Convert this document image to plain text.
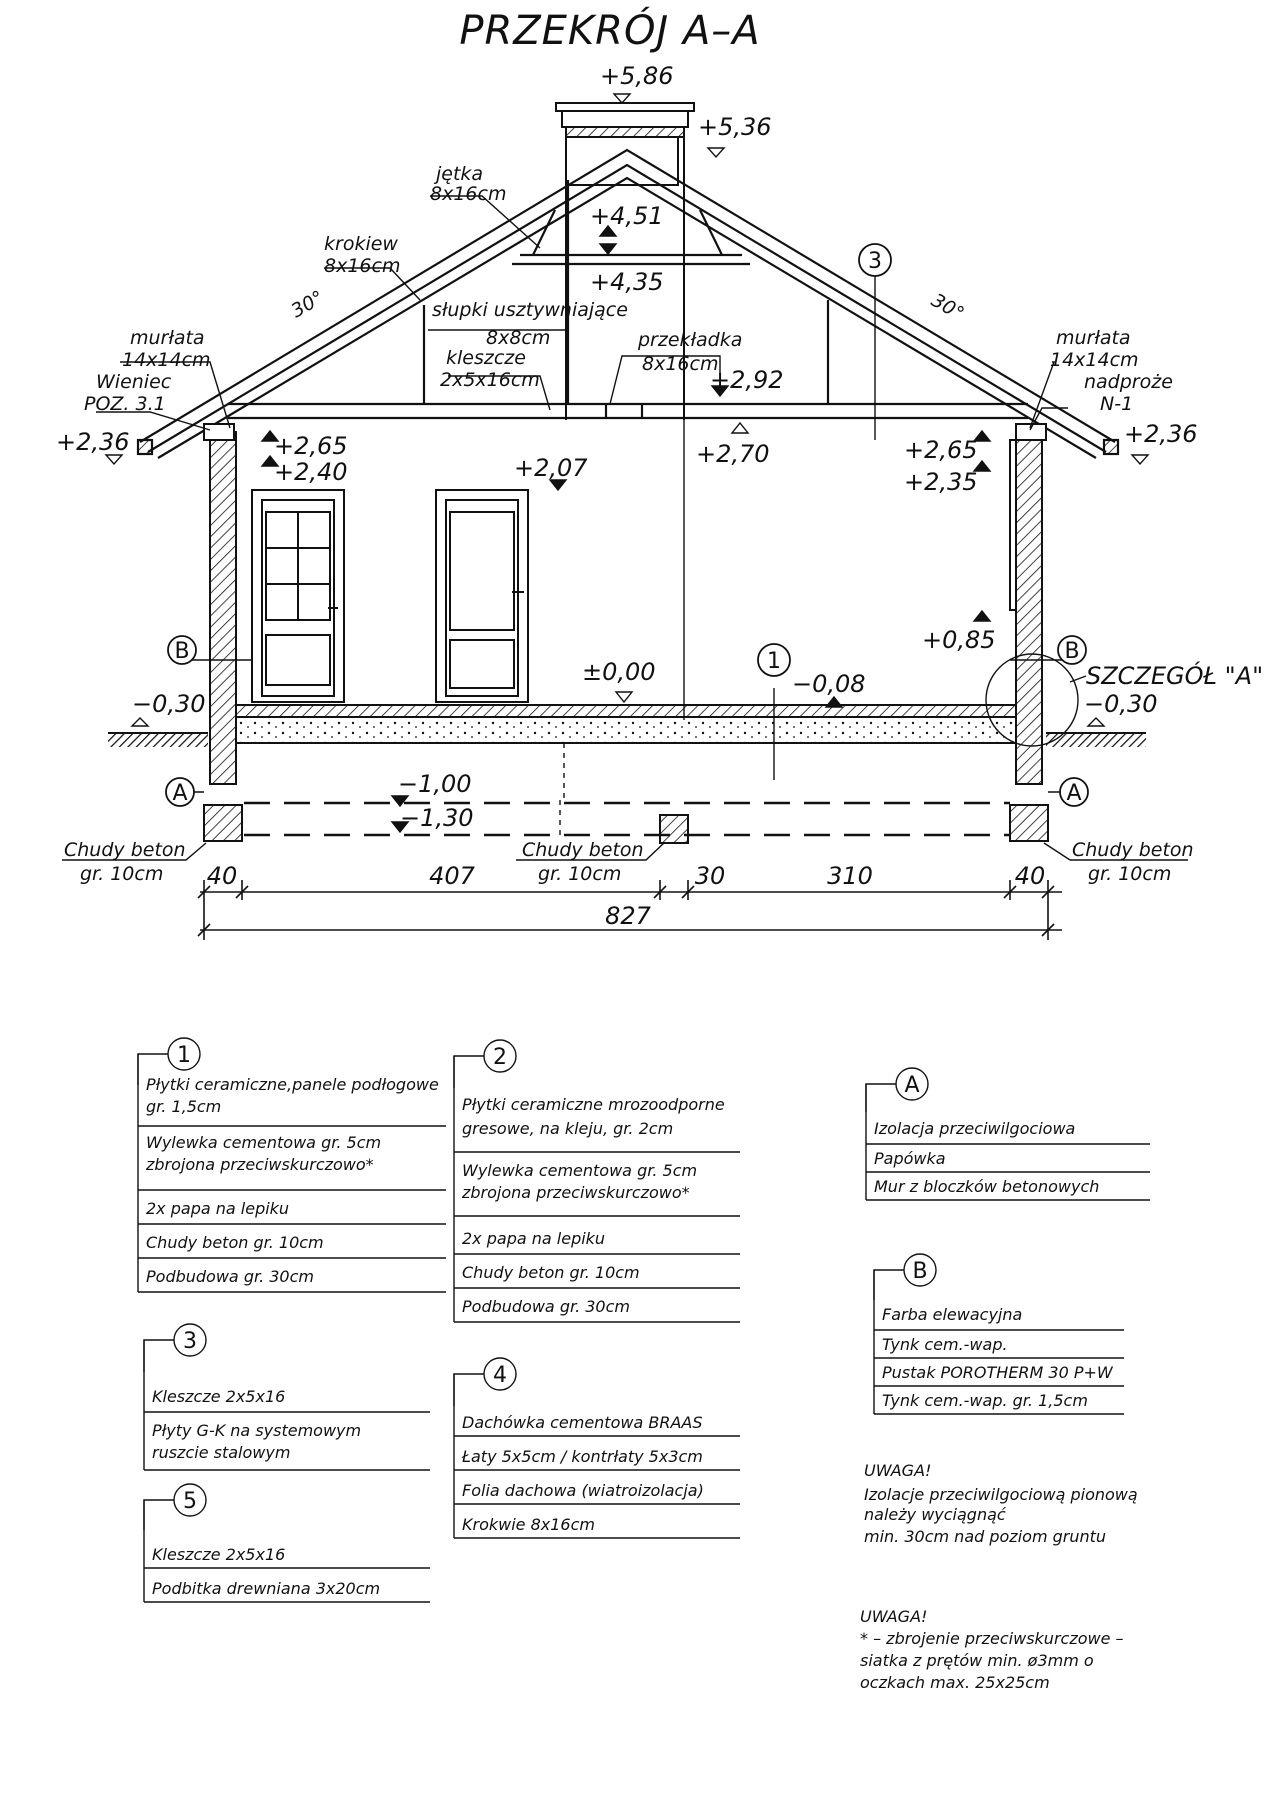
PRZEKRÓJ A–A
+5,86
+5,36
+4,51
+4,35
+2,92
+2,70
+2,65
+2,40	+2,07
+2,65
+2,35
+2,36	+2,36
+0,85
±0,00	−0,08
−0,30	−0,30
−1,00
−1,30
jętka
8x16cm
krokiew
8x16cm
słupki usztywniające
8x8cm
kleszcze
2x5x16cm
przekładka
8x16cm
murłata
14x14cm
Wieniec
POZ. 3.1
murłata
14x14cm
nadproże
N-1
30°	30°
SZCZEGÓŁ "A"
Chudy beton
gr. 10cm
Chudy beton
gr. 10cm
Chudy beton
gr. 10cm
1
3
A	A
B	B
40	407	30	310	40
827
1
Płytki ceramiczne,panele podłogowe
gr. 1,5cm
Wylewka cementowa gr. 5cm
zbrojona przeciwskurczowo*
2x papa na lepiku
Chudy beton gr. 10cm
Podbudowa gr. 30cm
2
Płytki ceramiczne mrozoodporne
gresowe, na kleju, gr. 2cm
Wylewka cementowa gr. 5cm
zbrojona przeciwskurczowo*
2x papa na lepiku
Chudy beton gr. 10cm
Podbudowa gr. 30cm
3
Kleszcze 2x5x16
Płyty G-K na systemowym
ruszcie stalowym
4
Dachówka cementowa BRAAS
Łaty 5x5cm / kontrłaty 5x3cm
Folia dachowa (wiatroizolacja)
Krokwie 8x16cm
5
Kleszcze 2x5x16
Podbitka drewniana 3x20cm
A
Izolacja przeciwilgociowa
Papówka
Mur z bloczków betonowych
B
Farba elewacyjna
Tynk cem.-wap.
Pustak POROTHERM 30 P+W
Tynk cem.-wap. gr. 1,5cm
UWAGA!
Izolacje przeciwilgociową pionową
należy wyciągnąć
min. 30cm nad poziom gruntu
UWAGA!
* – zbrojenie przeciwskurczowe –
siatka z prętów min. ø3mm o
oczkach max. 25x25cm
